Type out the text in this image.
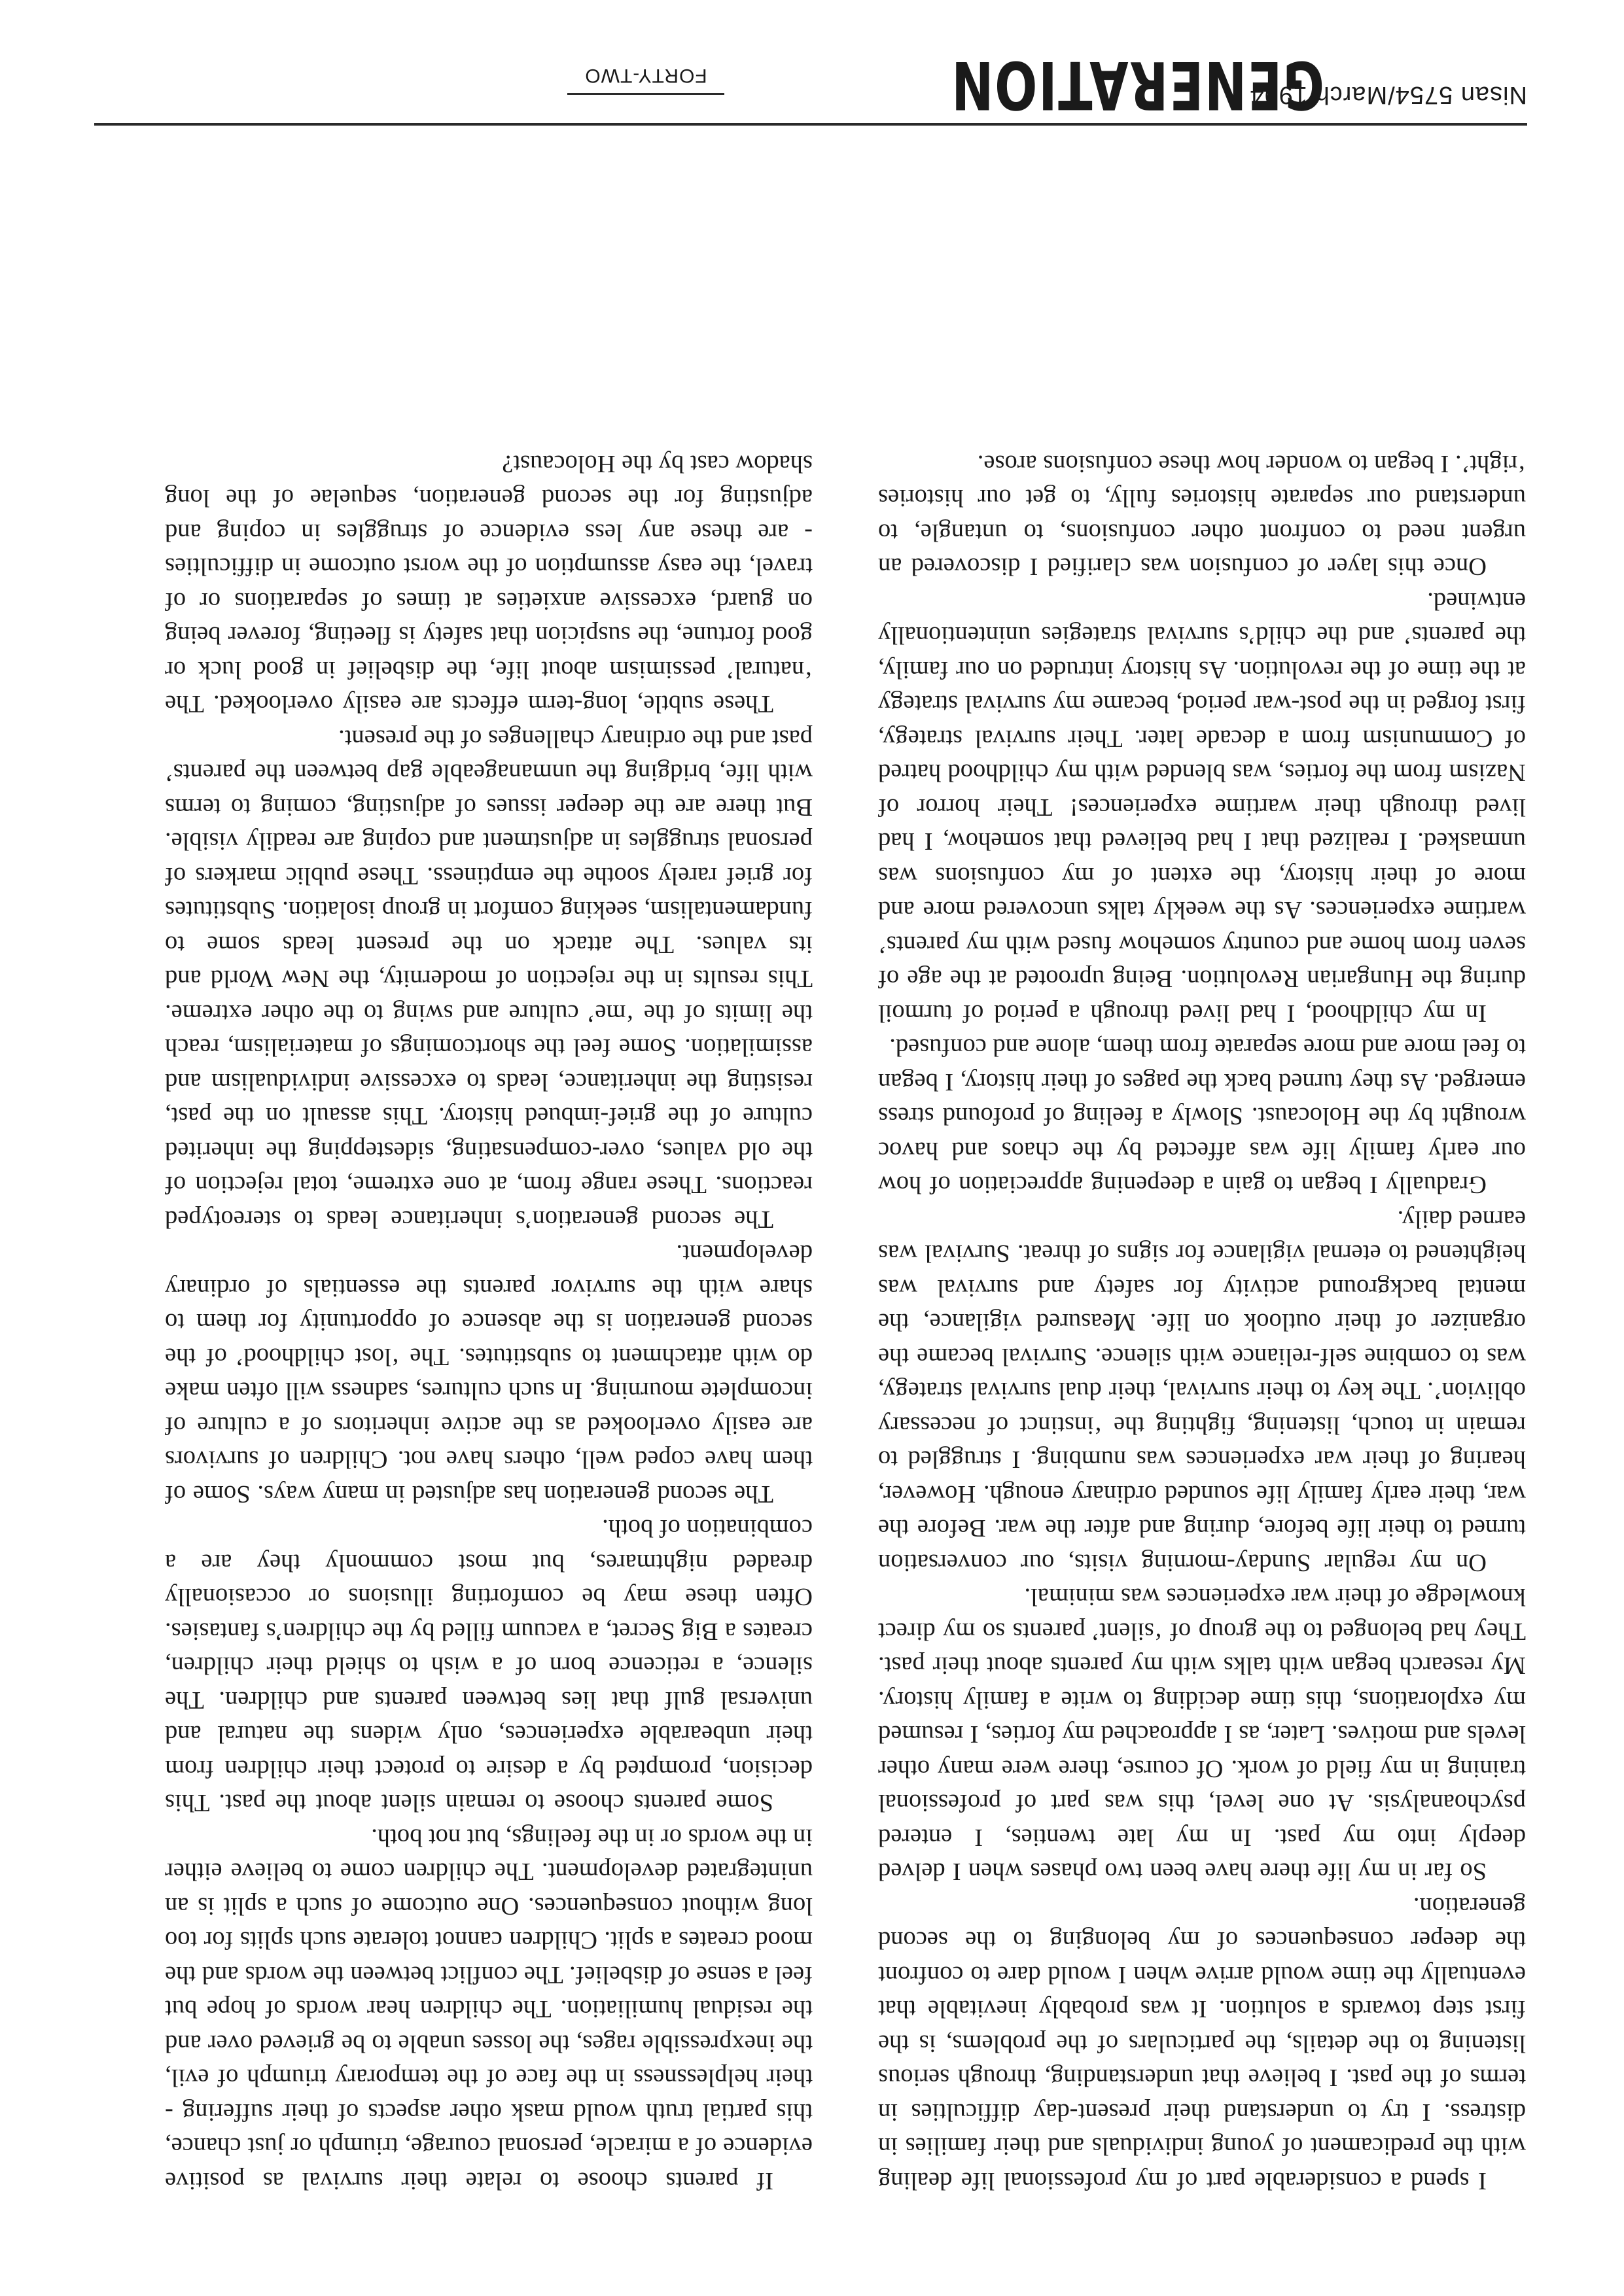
Nisan 5754/March 1994
GENERATION

I spend a considerable part of my professional life dealing with the predicament of young individuals and their families in distress. I try to understand their present-day difficulties in terms of the past. I believe that understanding, through serious listening to the details, the particulars of the problems, is the first step towards a solution. It was probably inevitable that eventually the time would arrive when I would dare to confront the deeper consequences of my belonging to the second generation.

So far in my life there have been two phases when I delved deeply into my past. In my late twenties, I entered psychoanalysis. At one level, this was part of professional training in my field of work. Of course, there were many other levels and motives. Later, as I approached my forties, I resumed my explorations, this time deciding to write a family history. My research began with talks with my parents about their past. They had belonged to the group of ‘silent’ parents so my direct knowledge of their war experiences was minimal.

On my regular Sunday-morning visits, our conversation turned to their life before, during and after the war. Before the war, their early family life sounded ordinary enough. However, hearing of their war experiences was numbing. I struggled to remain in touch, listening, fighting the ‘instinct of necessary oblivion’. The key to their survival, their dual survival strategy, was to combine self-reliance with silence. Survival became the organizer of their outlook on life. Measured vigilance, the mental background activity for safety and survival was heightened to eternal vigilance for signs of threat. Survival was earned daily.

Gradually I began to gain a deepening appreciation of how our early family life was affected by the chaos and havoc wrought by the Holocaust. Slowly a feeling of profound stress emerged. As they turned back the pages of their history, I began to feel more and more separate from them, alone and confused.

In my childhood, I had lived through a period of turmoil during the Hungarian Revolution. Being uprooted at the age of seven from home and country somehow fused with my parents’ wartime experiences. As the weekly talks uncovered more and more of their history, the extent of my confusions was unmasked. I realized that I had believed that somehow, I had lived through their wartime experiences! Their horror of Nazism from the forties, was blended with my childhood hatred of Communism from a decade later. Their survival strategy, first forged in the post-war period, became my survival strategy at the time of the revolution. As history intruded on our family, the parents’ and the child’s survival strategies unintentionally entwined.

Once this layer of confusion was clarified I discovered an urgent need to confront other confusions, to untangle, to understand our separate histories fully, to get our histories ‘right’. I began to wonder how these confusions arose.

If parents choose to relate their survival as positive evidence of a miracle, personal courage, triumph or just chance, this partial truth would mask other aspects of their suffering - their helplessness in the face of the temporary triumph of evil, the inexpressible rages, the losses unable to be grieved over and the residual humiliation. The children hear words of hope but feel a sense of disbelief. The conflict between the words and the mood creates a split. Children cannot tolerate such splits for too long without consequences. One outcome of such a split is an unintegrated development. The children come to believe either in the words or in the feelings, but not both.

Some parents choose to remain silent about the past. This decision, prompted by a desire to protect their children from their unbearable experiences, only widens the natural and universal gulf that lies between parents and children. The silence, a reticence born of a wish to shield their children, creates a Big Secret, a vacuum filled by the children’s fantasies. Often these may be comforting illusions or occasionally dreaded nightmares, but most commonly they are a combination of both.

The second generation has adjusted in many ways. Some of them have coped well, others have not. Children of survivors are easily overlooked as the active inheritors of a culture of incomplete mourning. In such cultures, sadness will often make do with attachment to substitutes. The ‘lost childhood’ of the second generation is the absence of opportunity for them to share with the survivor parents the essentials of ordinary development.

The second generation’s inheritance leads to stereotyped reactions. These range from, at one extreme, total rejection of the old values, over-compensating, sidestepping the inherited culture of the grief-imbued history. This assault on the past, resisting the inheritance, leads to excessive individualism and assimilation. Some feel the shortcomings of materialism, reach the limits of the ‘me’ culture and swing to the other extreme. This results in the rejection of modernity, the New World and its values. The attack on the present leads some to fundamentalism, seeking comfort in group isolation. Substitutes for grief rarely soothe the emptiness. These public markers of personal struggles in adjustment and coping are readily visible. But there are the deeper issues of adjusting, coming to terms with life, bridging the unmanageable gap between the parents’ past and the ordinary challenges of the present.

These subtle, long-term effects are easily overlooked. The ‘natural’ pessimism about life, the disbelief in good luck or good fortune, the suspicion that safety is fleeting, forever being on guard, excessive anxieties at times of separations or of travel, the easy assumption of the worst outcome in difficulties - are these any less evidence of struggles in coping and adjusting for the second generation, sequelae of the long shadow cast by the Holocaust?

FORTY-TWO
